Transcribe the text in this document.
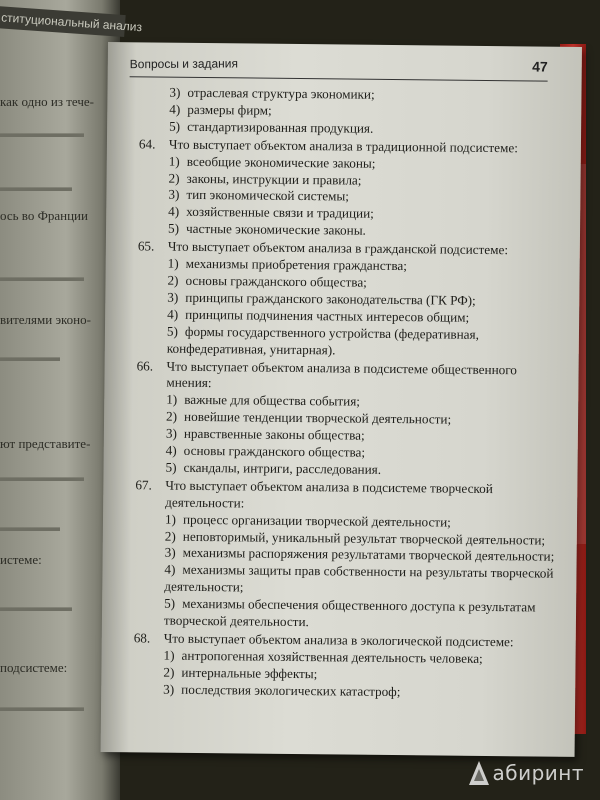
ституциональный анализ
как одно из тече-
ось во Франции
вителями эконо-
ют представите-
истеме:
подсистеме:
▬▬▬▬▬▬▬
▬▬▬▬▬▬
▬▬▬▬▬▬▬
▬▬▬▬▬
▬▬▬▬▬▬▬
▬▬▬▬▬
▬▬▬▬▬▬
▬▬▬▬▬▬▬
Вопросы и задания	47
3) отраслевая структура экономики;
4) размеры фирм;
5) стандартизированная продукция.
64. Что выступает объектом анализа в традиционной подсистеме:
1) всеобщие экономические законы;
2) законы, инструкции и правила;
3) тип экономической системы;
4) хозяйственные связи и традиции;
5) частные экономические законы.
65. Что выступает объектом анализа в гражданской подсистеме:
1) механизмы приобретения гражданства;
2) основы гражданского общества;
3) принципы гражданского законодательства (ГК РФ);
4) принципы подчинения частных интересов общим;
5) формы государственного устройства (федеративная, конфедеративная, унитарная).
66. Что выступает объектом анализа в подсистеме общественного мнения:
1) важные для общества события;
2) новейшие тенденции творческой деятельности;
3) нравственные законы общества;
4) основы гражданского общества;
5) скандалы, интриги, расследования.
67. Что выступает объектом анализа в подсистеме творческой деятельности:
1) процесс организации творческой деятельности;
2) неповторимый, уникальный результат творческой деятельности;
3) механизмы распоряжения результатами творческой деятельности;
4) механизмы защиты прав собственности на результаты творческой деятельности;
5) механизмы обеспечения общественного доступа к результатам творческой деятельности.
68. Что выступает объектом анализа в экологической подсистеме:
1) антропогенная хозяйственная деятельность человека;
2) интернальные эффекты;
3) последствия экологических катастроф;
абиринт
